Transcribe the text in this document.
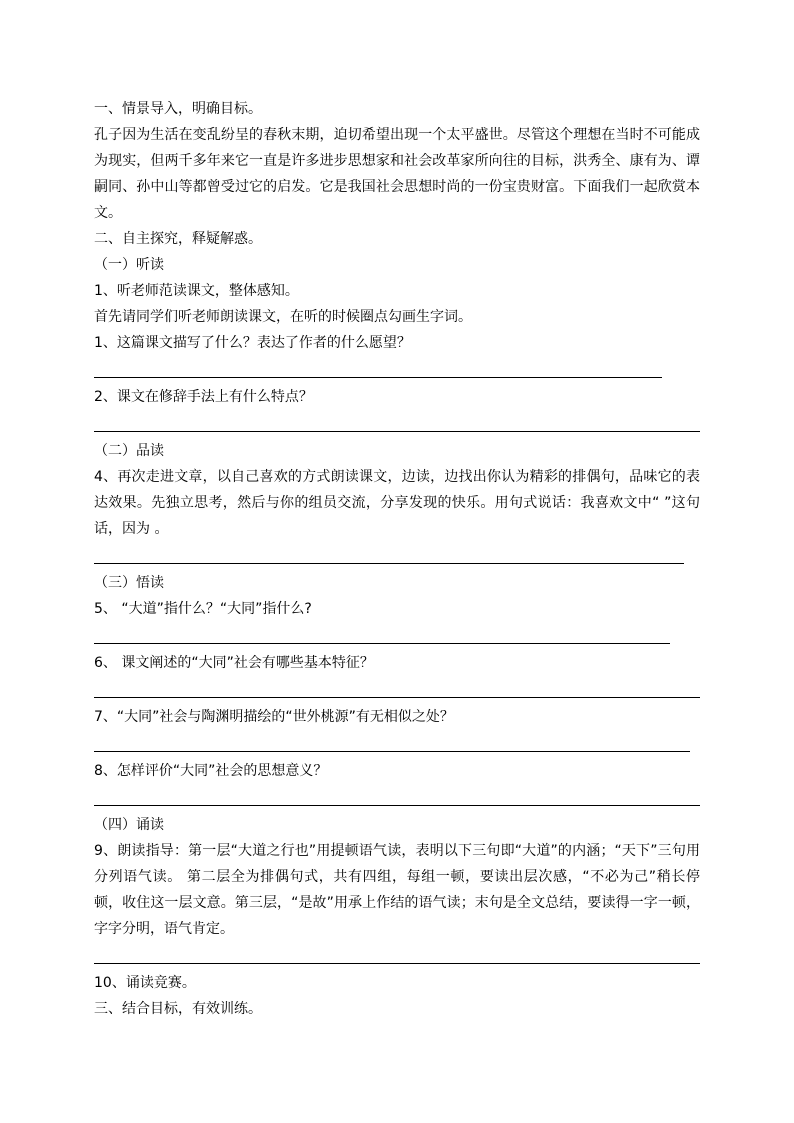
一、情景导入，明确目标。

孔子因为生活在变乱纷呈的春秋末期，迫切希望出现一个太平盛世。尽管这个理想在当时不可能成为现实，但两千多年来它一直是许多进步思想家和社会改革家所向往的目标，洪秀全、康有为、谭嗣同、孙中山等都曾受过它的启发。它是我国社会思想时尚的一份宝贵财富。下面我们一起欣赏本文。

二、自主探究，释疑解惑。

（一）听读

1、听老师范读课文，整体感知。

首先请同学们听老师朗读课文，在听的时候圈点勾画生字词。

1、这篇课文描写了什么？表达了作者的什么愿望？

2、课文在修辞手法上有什么特点？

（二）品读

4、再次走进文章，以自己喜欢的方式朗读课文，边读，边找出你认为精彩的排偶句，品味它的表达效果。先独立思考，然后与你的组员交流，分享发现的快乐。用句式说话：我喜欢文中“ ”这句话，因为 。

（三）悟读

5、 “大道”指什么？“大同”指什么?

6、 课文阐述的“大同”社会有哪些基本特征？

7、“大同”社会与陶渊明描绘的“世外桃源”有无相似之处？

8、怎样评价“大同”社会的思想意义？

（四）诵读

9、朗读指导：第一层“大道之行也”用提顿语气读，表明以下三句即“大道”的内涵；“天下”三句用分列语气读。 第二层全为排偶句式，共有四组，每组一顿，要读出层次感，“不必为己”稍长停顿，收住这一层文意。第三层，“是故”用承上作结的语气读；末句是全文总结，要读得一字一顿，字字分明，语气肯定。

10、诵读竞赛。

三、结合目标，有效训练。
